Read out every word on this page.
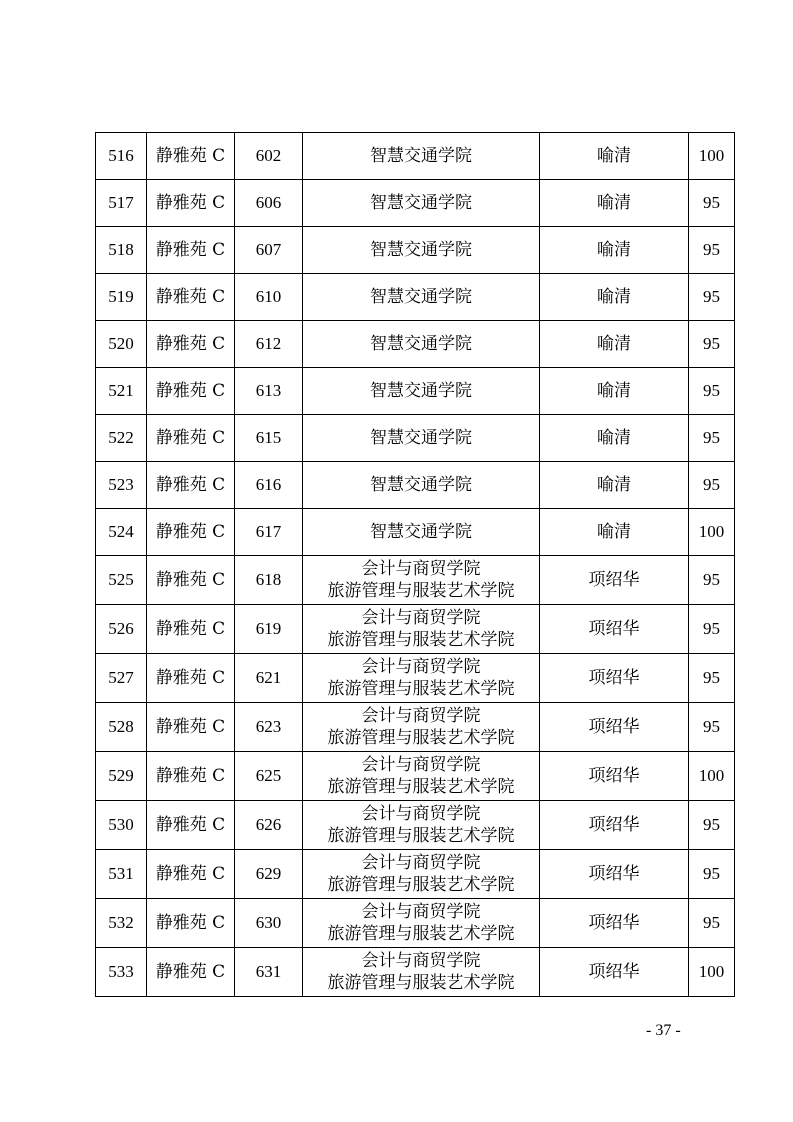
516	静雅苑 C	602	智慧交通学院	喻清	100
517	静雅苑 C	606	智慧交通学院	喻清	95
518	静雅苑 C	607	智慧交通学院	喻清	95
519	静雅苑 C	610	智慧交通学院	喻清	95
520	静雅苑 C	612	智慧交通学院	喻清	95
521	静雅苑 C	613	智慧交通学院	喻清	95
522	静雅苑 C	615	智慧交通学院	喻清	95
523	静雅苑 C	616	智慧交通学院	喻清	95
524	静雅苑 C	617	智慧交通学院	喻清	100
525	静雅苑 C	618	会计与商贸学院
旅游管理与服装艺术学院	项绍华	95
526	静雅苑 C	619	会计与商贸学院
旅游管理与服装艺术学院	项绍华	95
527	静雅苑 C	621	会计与商贸学院
旅游管理与服装艺术学院	项绍华	95
528	静雅苑 C	623	会计与商贸学院
旅游管理与服装艺术学院	项绍华	95
529	静雅苑 C	625	会计与商贸学院
旅游管理与服装艺术学院	项绍华	100
530	静雅苑 C	626	会计与商贸学院
旅游管理与服装艺术学院	项绍华	95
531	静雅苑 C	629	会计与商贸学院
旅游管理与服装艺术学院	项绍华	95
532	静雅苑 C	630	会计与商贸学院
旅游管理与服装艺术学院	项绍华	95
533	静雅苑 C	631	会计与商贸学院
旅游管理与服装艺术学院	项绍华	100
- 37 -
